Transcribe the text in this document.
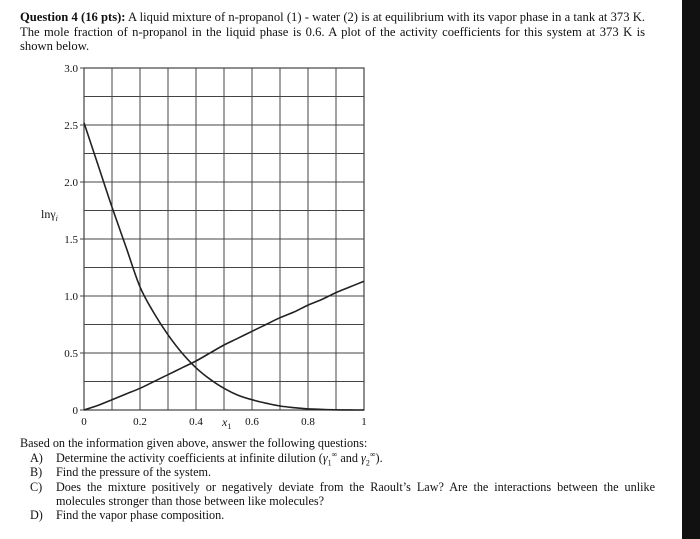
Question 4 (16 pts): A liquid mixture of n-propanol (1) - water (2) is at equilibrium with its vapor phase in a tank at 373 K. The mole fraction of n-propanol in the liquid phase is 0.6. A plot of the activity coefficients for this system at 373 K is shown below.
0
0.5
1.0
1.5
2.0
2.5
3.0
0	0.2	0.4	0.6	0.8	1
lnγ$_i$
$x_1$

Based on the information given above, answer the following questions:

A) Determine the activity coefficients at infinite dilution ($\gamma_1^\infty$ and $\gamma_2^\infty$).
B) Find the pressure of the system.
C) Does the mixture positively or negatively deviate from the Raoult’s Law? Are the interactions between the unlike molecules stronger than those between like molecules?
D) Find the vapor phase composition.
